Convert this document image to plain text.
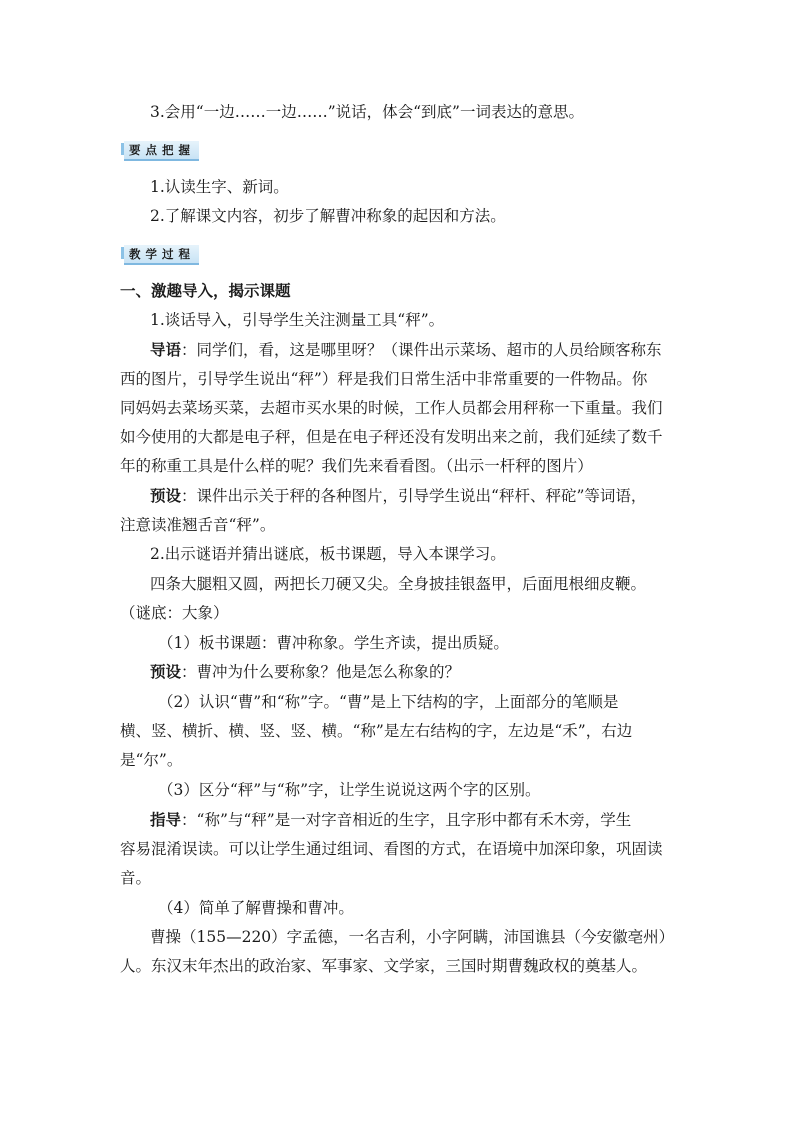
3.会用“一边……一边……”说话，体会“到底”一词表达的意思。
要点把握
1.认读生字、新词。
2.了解课文内容，初步了解曹冲称象的起因和方法。
教学过程
一、激趣导入，揭示课题
1.谈话导入，引导学生关注测量工具“秤”。
导语：同学们，看，这是哪里呀？（课件出示菜场、超市的人员给顾客称东
西的图片，引导学生说出“秤”）秤是我们日常生活中非常重要的一件物品。你
同妈妈去菜场买菜，去超市买水果的时候，工作人员都会用秤称一下重量。我们
如今使用的大都是电子秤，但是在电子秤还没有发明出来之前，我们延续了数千
年的称重工具是什么样的呢？我们先来看看图。（出示一杆秤的图片）
预设：课件出示关于秤的各种图片，引导学生说出“秤杆、秤砣”等词语，
注意读准翘舌音“秤”。
2.出示谜语并猜出谜底，板书课题，导入本课学习。
四条大腿粗又圆，两把长刀硬又尖。全身披挂银盔甲，后面甩根细皮鞭。
（谜底：大象）
（1）板书课题：曹冲称象。学生齐读，提出质疑。
预设：曹冲为什么要称象？他是怎么称象的？
（2）认识“曹”和“称”字。“曹”是上下结构的字，上面部分的笔顺是
横、竖、横折、横、竖、竖、横。“称”是左右结构的字，左边是“禾”，右边
是“尔”。
（3）区分“秤”与“称”字，让学生说说这两个字的区别。
指导：“称”与“秤”是一对字音相近的生字，且字形中都有禾木旁，学生
容易混淆误读。可以让学生通过组词、看图的方式，在语境中加深印象，巩固读
音。
（4）简单了解曹操和曹冲。
曹操（155—220）字孟德，一名吉利，小字阿瞒，沛国谯县（今安徽亳州）
人。东汉末年杰出的政治家、军事家、文学家，三国时期曹魏政权的奠基人。
